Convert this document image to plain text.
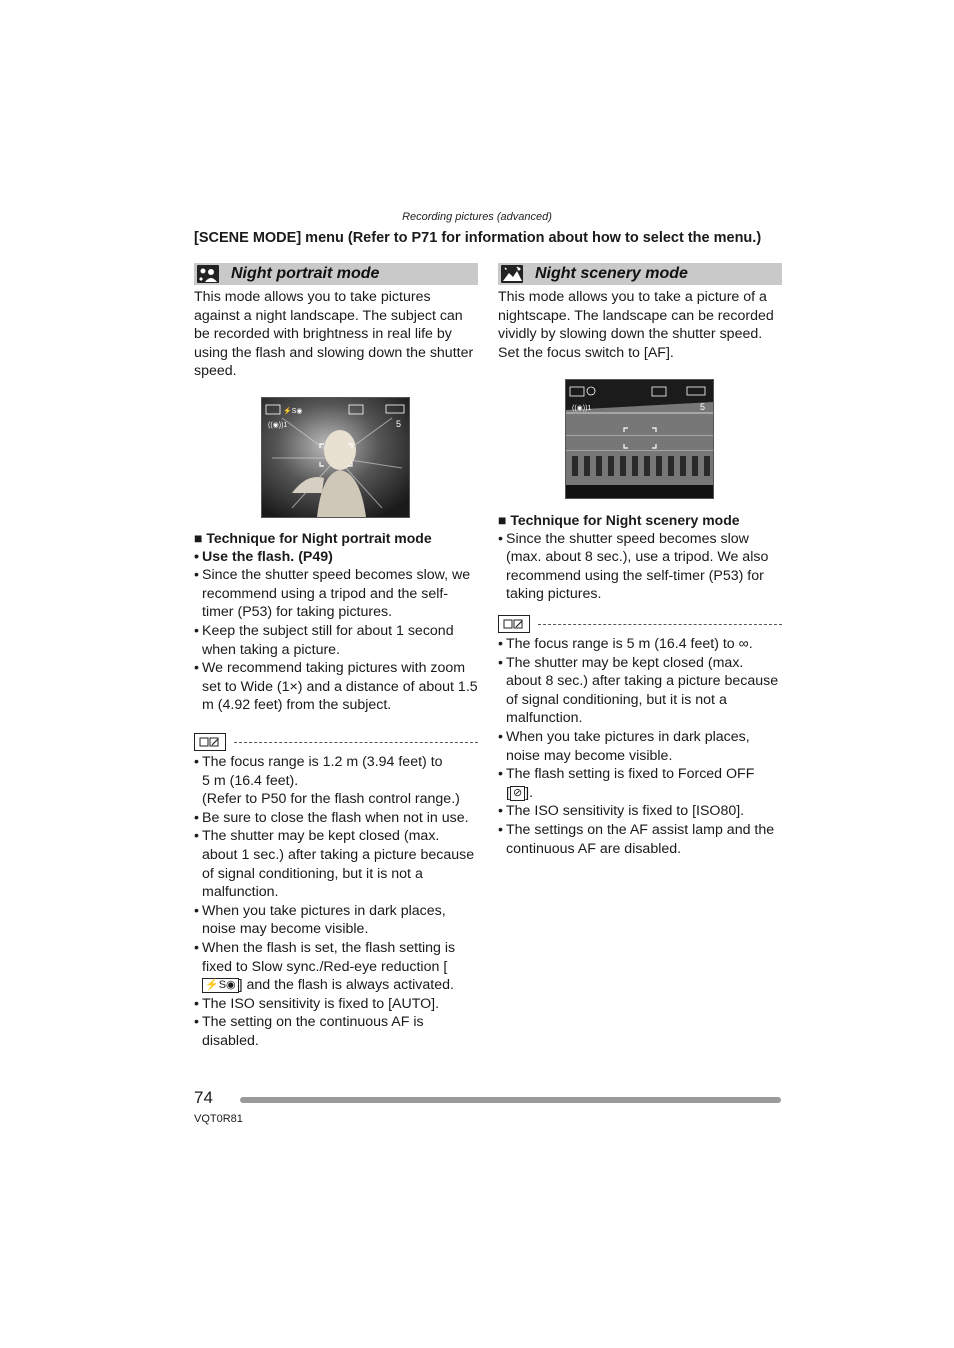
Recording pictures (advanced)
[SCENE MODE] menu (Refer to P71 for information about how to select the menu.)
Night portrait mode

This mode allows you to take pictures against a night landscape. The subject can be recorded with brightness in real life by using the flash and slowing down the shutter speed.

⚡S◉
((◉))1	5

■ Technique for Night portrait mode

• Use the flash. (P49)
• Since the shutter speed becomes slow, we recommend using a tripod and the self-timer (P53) for taking pictures.
• Keep the subject still for about 1 second when taking a picture.
• We recommend taking pictures with zoom set to Wide (1×) and a distance of about 1.5 m (4.92 feet) from the subject.
• The focus range is 1.2 m (3.94 feet) to
5 m (16.4 feet).
(Refer to P50 for the flash control range.)
• Be sure to close the flash when not in use.
• The shutter may be kept closed (max. about 1 sec.) after taking a picture because of signal conditioning, but it is not a malfunction.
• When you take pictures in dark places, noise may become visible.
• When the flash is set, the flash setting is fixed to Slow sync./Red-eye reduction [⚡S◉ ] and the flash is always activated.
• The ISO sensitivity is fixed to [AUTO].
• The setting on the continuous AF is disabled.
Night scenery mode

This mode allows you to take a picture of a nightscape. The landscape can be recorded vividly by slowing down the shutter speed. Set the focus switch to [AF].

((◉))1	5

■ Technique for Night scenery mode

• Since the shutter speed becomes slow (max. about 8 sec.), use a tripod. We also recommend using the self-timer (P53) for taking pictures.
• The focus range is 5 m (16.4 feet) to ∞.
• The shutter may be kept closed (max. about 8 sec.) after taking a picture because of signal conditioning, but it is not a malfunction.
• When you take pictures in dark places, noise may become visible.
• The flash setting is fixed to Forced OFF
[ ⊘ ].
• The ISO sensitivity is fixed to [ISO80].
• The settings on the AF assist lamp and the continuous AF are disabled.
74
VQT0R81
